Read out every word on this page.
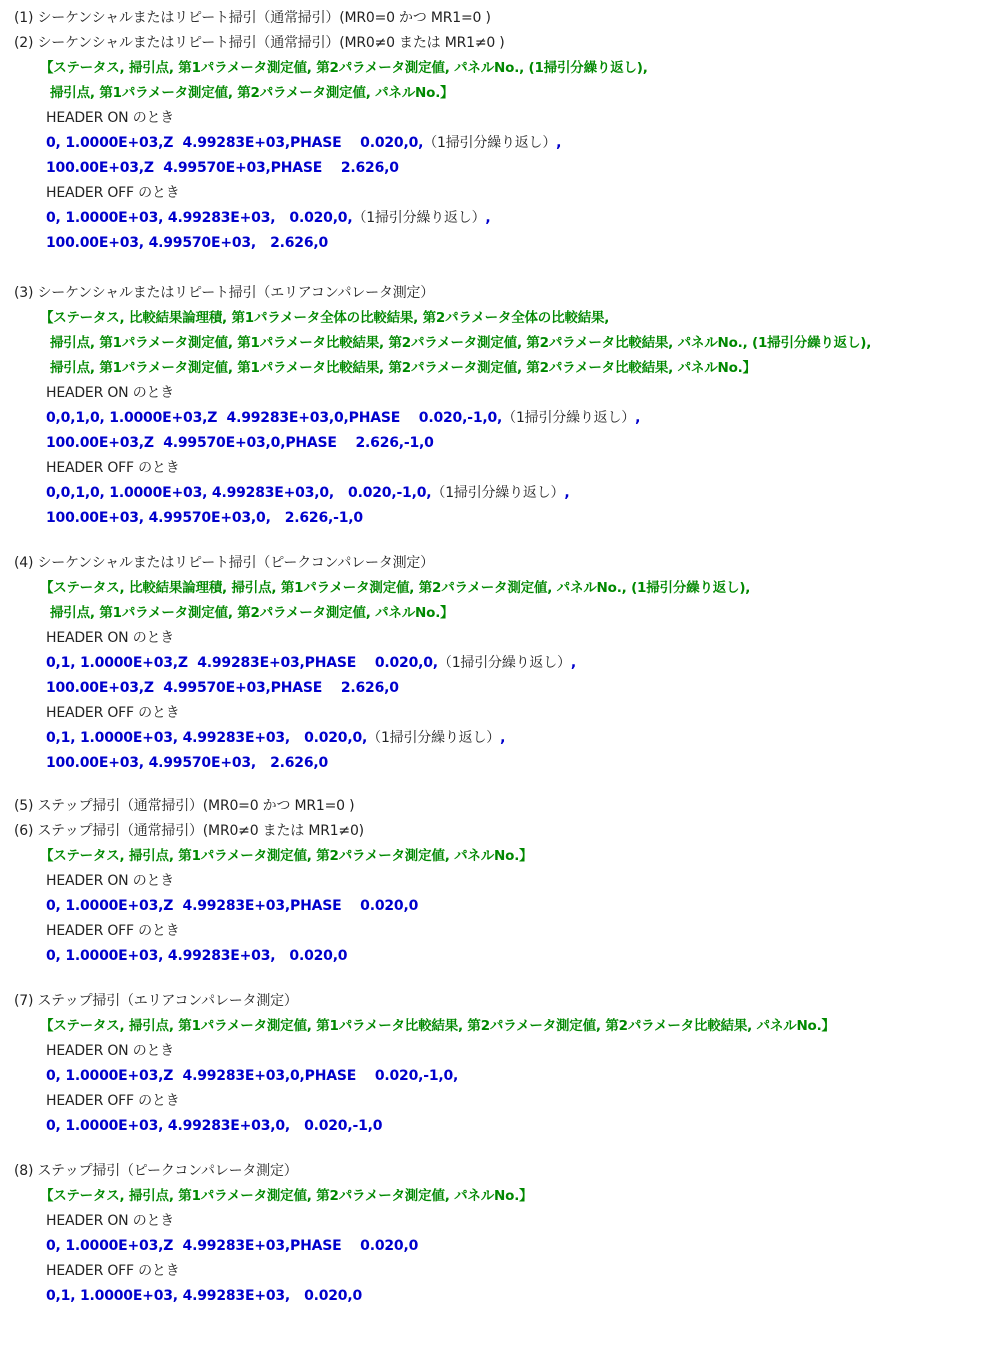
(1) シーケンシャルまたはリピート掃引（通常掃引）(MR0=0 かつ MR1=0 )
(2) シーケンシャルまたはリピート掃引（通常掃引）(MR0≠0 または MR1≠0 )
【ステータス, 掃引点, 第1パラメータ測定値, 第2パラメータ測定値, パネルNo., (1掃引分繰り返し),
掃引点, 第1パラメータ測定値, 第2パラメータ測定値, パネルNo.】
HEADER ON のとき
0, 1.0000E+03,Z  4.99283E+03,PHASE    0.020,0,（1掃引分繰り返し）,
100.00E+03,Z  4.99570E+03,PHASE    2.626,0
HEADER OFF のとき
0, 1.0000E+03, 4.99283E+03,   0.020,0,（1掃引分繰り返し）,
100.00E+03, 4.99570E+03,   2.626,0
(3) シーケンシャルまたはリピート掃引（エリアコンパレータ測定）
【ステータス, 比較結果論理積, 第1パラメータ全体の比較結果, 第2パラメータ全体の比較結果,
掃引点, 第1パラメータ測定値, 第1パラメータ比較結果, 第2パラメータ測定値, 第2パラメータ比較結果, パネルNo., (1掃引分繰り返し),
掃引点, 第1パラメータ測定値, 第1パラメータ比較結果, 第2パラメータ測定値, 第2パラメータ比較結果, パネルNo.】
HEADER ON のとき
0,0,1,0, 1.0000E+03,Z  4.99283E+03,0,PHASE    0.020,-1,0,（1掃引分繰り返し）,
100.00E+03,Z  4.99570E+03,0,PHASE    2.626,-1,0
HEADER OFF のとき
0,0,1,0, 1.0000E+03, 4.99283E+03,0,   0.020,-1,0,（1掃引分繰り返し）,
100.00E+03, 4.99570E+03,0,   2.626,-1,0
(4) シーケンシャルまたはリピート掃引（ピークコンパレータ測定）
【ステータス, 比較結果論理積, 掃引点, 第1パラメータ測定値, 第2パラメータ測定値, パネルNo., (1掃引分繰り返し),
掃引点, 第1パラメータ測定値, 第2パラメータ測定値, パネルNo.】
HEADER ON のとき
0,1, 1.0000E+03,Z  4.99283E+03,PHASE    0.020,0,（1掃引分繰り返し）,
100.00E+03,Z  4.99570E+03,PHASE    2.626,0
HEADER OFF のとき
0,1, 1.0000E+03, 4.99283E+03,   0.020,0,（1掃引分繰り返し）,
100.00E+03, 4.99570E+03,   2.626,0
(5) ステップ掃引（通常掃引）(MR0=0 かつ MR1=0 )
(6) ステップ掃引（通常掃引）(MR0≠0 または MR1≠0)
【ステータス, 掃引点, 第1パラメータ測定値, 第2パラメータ測定値, パネルNo.】
HEADER ON のとき
0, 1.0000E+03,Z  4.99283E+03,PHASE    0.020,0
HEADER OFF のとき
0, 1.0000E+03, 4.99283E+03,   0.020,0
(7) ステップ掃引（エリアコンパレータ測定）
【ステータス, 掃引点, 第1パラメータ測定値, 第1パラメータ比較結果, 第2パラメータ測定値, 第2パラメータ比較結果, パネルNo.】
HEADER ON のとき
0, 1.0000E+03,Z  4.99283E+03,0,PHASE    0.020,-1,0,
HEADER OFF のとき
0, 1.0000E+03, 4.99283E+03,0,   0.020,-1,0
(8) ステップ掃引（ピークコンパレータ測定）
【ステータス, 掃引点, 第1パラメータ測定値, 第2パラメータ測定値, パネルNo.】
HEADER ON のとき
0, 1.0000E+03,Z  4.99283E+03,PHASE    0.020,0
HEADER OFF のとき
0,1, 1.0000E+03, 4.99283E+03,   0.020,0
